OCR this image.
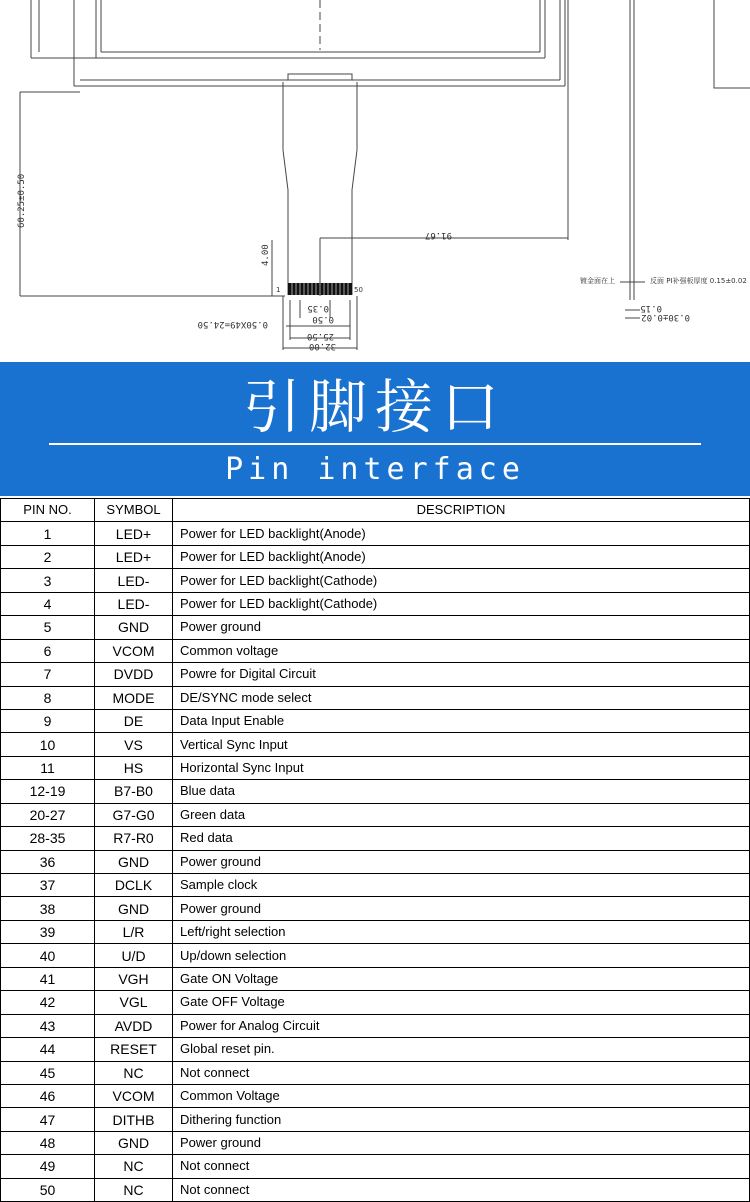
60.25±0.50
91.67
4.00
0.50X49=24.50
0.35
0.50
25.50
32.00
1	50
镀金面在上	反面 PI补强板厚度 0.15±0.02
0.15
0.30±0.02
引脚接口
Pin interface
PIN NO.	SYMBOL	DESCRIPTION
1	LED+	Power for LED backlight(Anode)
2	LED+	Power for LED backlight(Anode)
3	LED-	Power for LED backlight(Cathode)
4	LED-	Power for LED backlight(Cathode)
5	GND	Power ground
6	VCOM	Common voltage
7	DVDD	Powre for Digital Circuit
8	MODE	DE/SYNC mode select
9	DE	Data Input Enable
10	VS	Vertical Sync Input
11	HS	Horizontal Sync Input
12-19	B7-B0	Blue data
20-27	G7-G0	Green data
28-35	R7-R0	Red data
36	GND	Power ground
37	DCLK	Sample clock
38	GND	Power ground
39	L/R	Left/right selection
40	U/D	Up/down selection
41	VGH	Gate ON Voltage
42	VGL	Gate OFF Voltage
43	AVDD	Power for Analog Circuit
44	RESET	Global reset pin.
45	NC	Not connect
46	VCOM	Common Voltage
47	DITHB	Dithering function
48	GND	Power ground
49	NC	Not connect
50	NC	Not connect
